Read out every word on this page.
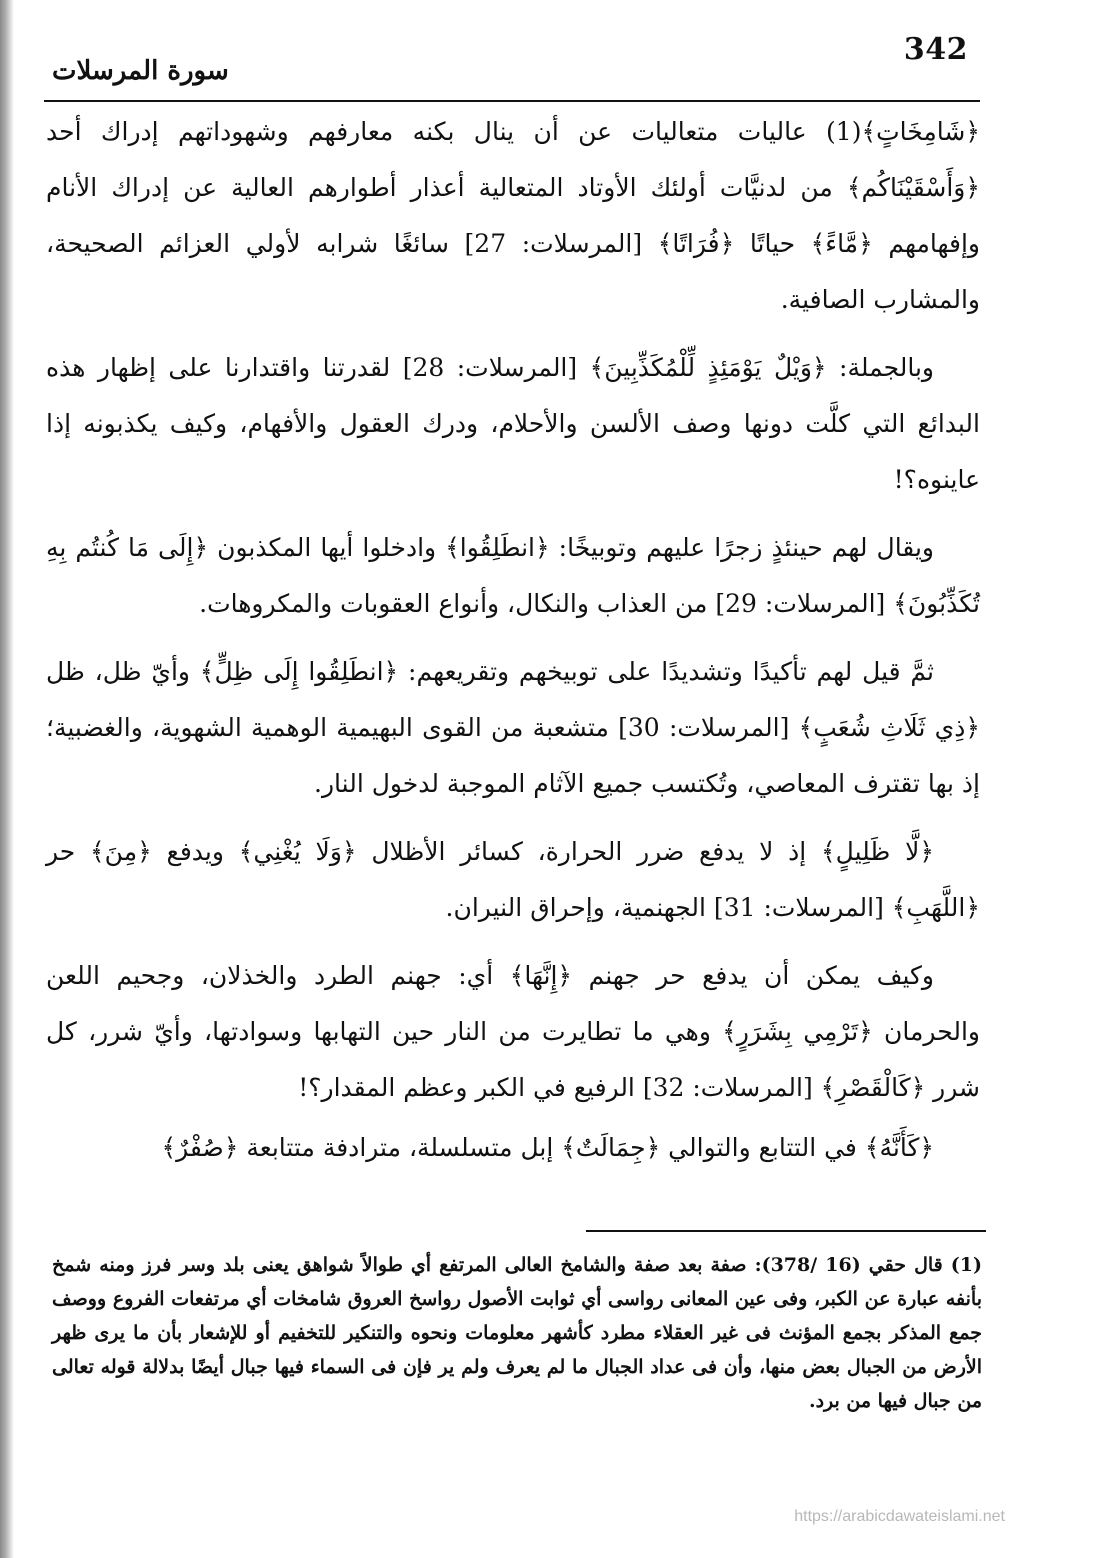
342
سورة المرسلات

﴿شَامِخَاتٍ﴾(1) عاليات متعاليات عن أن ينال بكنه معارفهم وشهوداتهم إدراك أحد ﴿وَأَسْقَيْنَاكُم﴾ من لدنيَّات أولئك الأوتاد المتعالية أعذار أطوارهم العالية عن إدراك الأنام وإفهامهم ﴿مَّاءً﴾ حياتًا ﴿فُرَاتًا﴾ [المرسلات: 27] سائغًا شرابه لأولي العزائم الصحيحة، والمشارب الصافية.

وبالجملة: ﴿وَيْلٌ يَوْمَئِذٍ لِّلْمُكَذِّبِينَ﴾ [المرسلات: 28] لقدرتنا واقتدارنا على إظهار هذه البدائع التي كلَّت دونها وصف الألسن والأحلام، ودرك العقول والأفهام، وكيف يكذبونه إذا عاينوه؟!

ويقال لهم حينئذٍ زجرًا عليهم وتوبيخًا: ﴿انطَلِقُوا﴾ وادخلوا أيها المكذبون ﴿إِلَى مَا كُنتُم بِهِ تُكَذِّبُونَ﴾ [المرسلات: 29] من العذاب والنكال، وأنواع العقوبات والمكروهات.

ثمَّ قيل لهم تأكيدًا وتشديدًا على توبيخهم وتقريعهم: ﴿انطَلِقُوا إِلَى ظِلٍّ﴾ وأيّ ظل، ظل ﴿ذِي ثَلَاثِ شُعَبٍ﴾ [المرسلات: 30] متشعبة من القوى البهيمية الوهمية الشهوية، والغضبية؛ إذ بها تقترف المعاصي، وتُكتسب جميع الآثام الموجبة لدخول النار.

﴿لَّا ظَلِيلٍ﴾ إذ لا يدفع ضرر الحرارة، كسائر الأظلال ﴿وَلَا يُغْنِي﴾ ويدفع ﴿مِنَ﴾ حر ﴿اللَّهَبِ﴾ [المرسلات: 31] الجهنمية، وإحراق النيران.

وكيف يمكن أن يدفع حر جهنم ﴿إِنَّهَا﴾ أي: جهنم الطرد والخذلان، وجحيم اللعن والحرمان ﴿تَرْمِي بِشَرَرٍ﴾ وهي ما تطايرت من النار حين التهابها وسوادتها، وأيّ شرر، كل شرر ﴿كَالْقَصْرِ﴾ [المرسلات: 32] الرفيع في الكبر وعظم المقدار؟!

﴿كَأَنَّهُ﴾ في التتابع والتوالي ﴿جِمَالَتٌ﴾ إبل متسلسلة، مترادفة متتابعة ﴿صُفْرٌ﴾

(1)قال حقي (16 /378): صفة بعد صفة والشامخ العالى المرتفع أي طوالاً شواهق يعنى بلد وسر فرز ومنه شمخ بأنفه عبارة عن الكبر، وفى عين المعانى رواسى أي ثوابت الأصول رواسخ العروق شامخات أي مرتفعات الفروع ووصف جمع المذكر بجمع المؤنث فى غير العقلاء مطرد كأشهر معلومات ونحوه والتنكير للتخفيم أو للإشعار بأن ما يرى ظهر الأرض من الجبال بعض منها، وأن فى عداد الجبال ما لم يعرف ولم ير فإن فى السماء فيها جبال أيضًا بدلالة قوله تعالى من جبال فيها من برد.
https://arabicdawateislami.net
